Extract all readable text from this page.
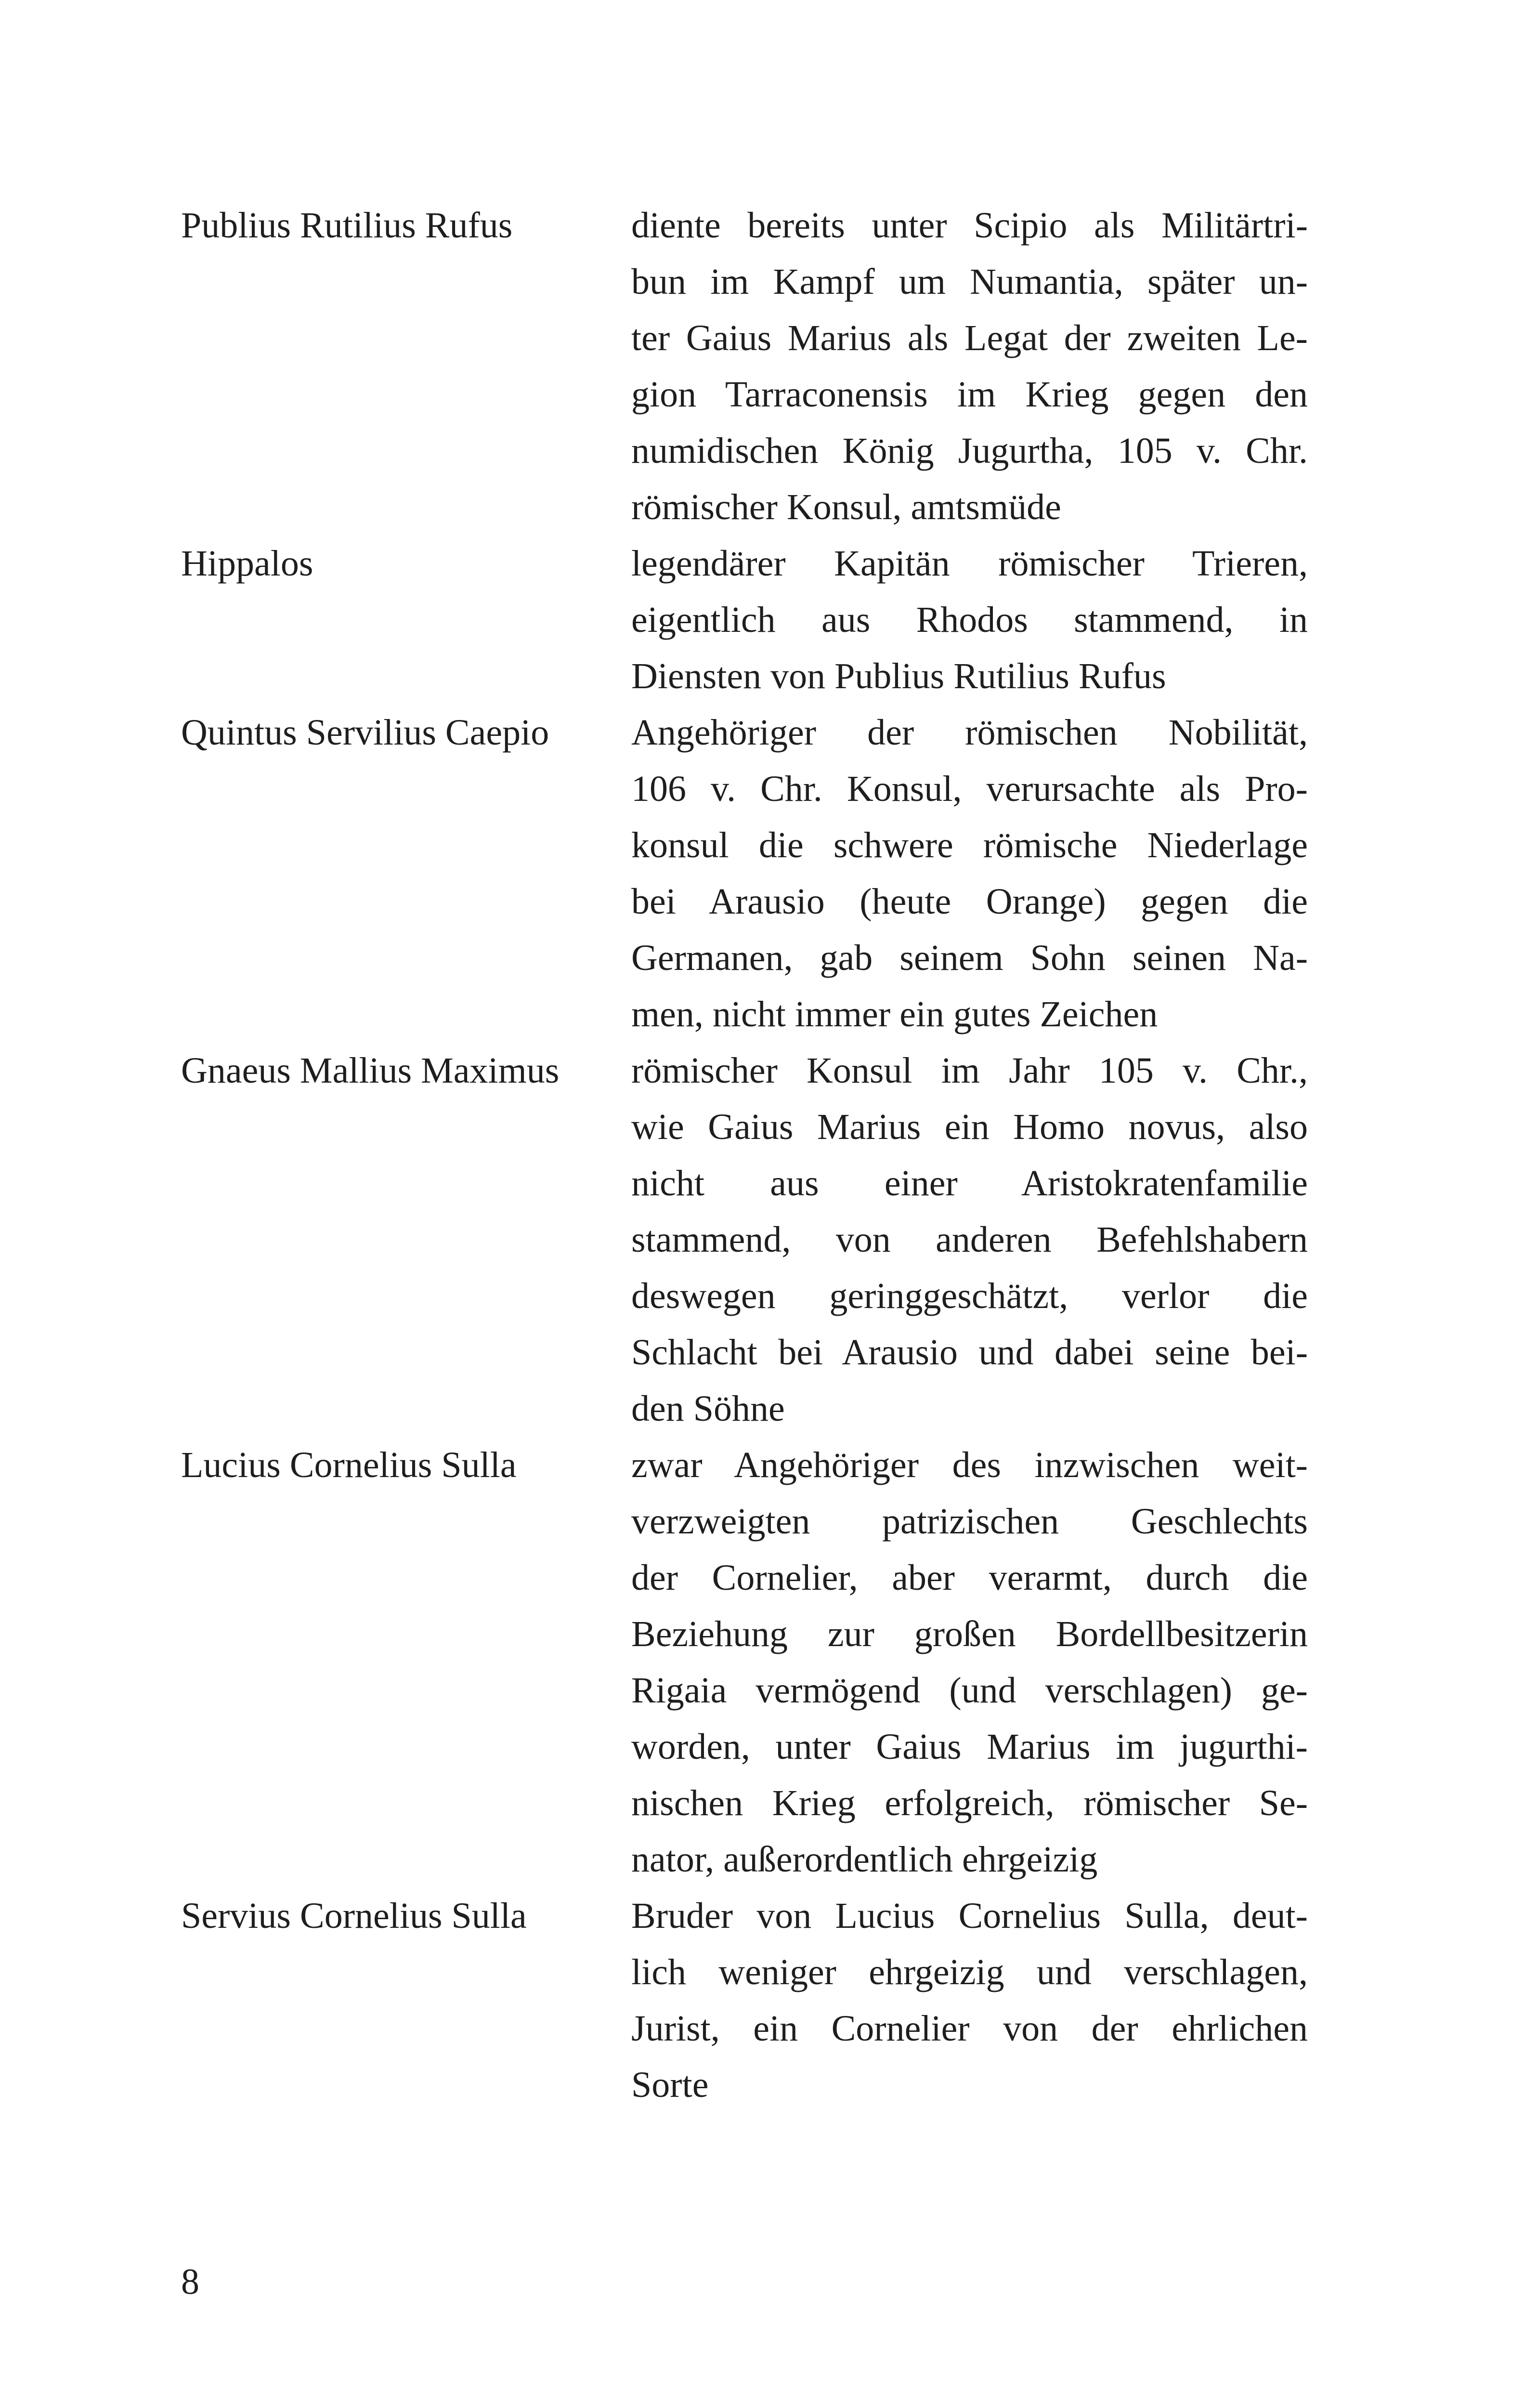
Publius Rutilius Rufus	diente bereits unter Scipio als Militärtri-
bun im Kampf um Numantia, später un-
ter Gaius Marius als Legat der zweiten Le-
gion Tarraconensis im Krieg gegen den
numidischen König Jugurtha, 105 v. Chr.
römischer Konsul, amtsmüde
Hippalos	legendärer Kapitän römischer Trieren,
eigentlich aus Rhodos stammend, in
Diensten von Publius Rutilius Rufus
Quintus Servilius Caepio	Angehöriger der römischen Nobilität,
106 v. Chr. Konsul, verursachte als Pro-
konsul die schwere römische Niederlage
bei Arausio (heute Orange) gegen die
Germanen, gab seinem Sohn seinen Na-
men, nicht immer ein gutes Zeichen
Gnaeus Mallius Maximus	römischer Konsul im Jahr 105 v. Chr.,
wie Gaius Marius ein Homo novus, also
nicht aus einer Aristokratenfamilie
stammend, von anderen Befehlshabern
deswegen geringgeschätzt, verlor die
Schlacht bei Arausio und dabei seine bei-
den Söhne
Lucius Cornelius Sulla	zwar Angehöriger des inzwischen weit-
verzweigten patrizischen Geschlechts
der Cornelier, aber verarmt, durch die
Beziehung zur großen Bordellbesitzerin
Rigaia vermögend (und verschlagen) ge-
worden, unter Gaius Marius im jugurthi-
nischen Krieg erfolgreich, römischer Se-
nator, außerordentlich ehrgeizig
Servius Cornelius Sulla	Bruder von Lucius Cornelius Sulla, deut-
lich weniger ehrgeizig und verschlagen,
Jurist, ein Cornelier von der ehrlichen
Sorte
8
